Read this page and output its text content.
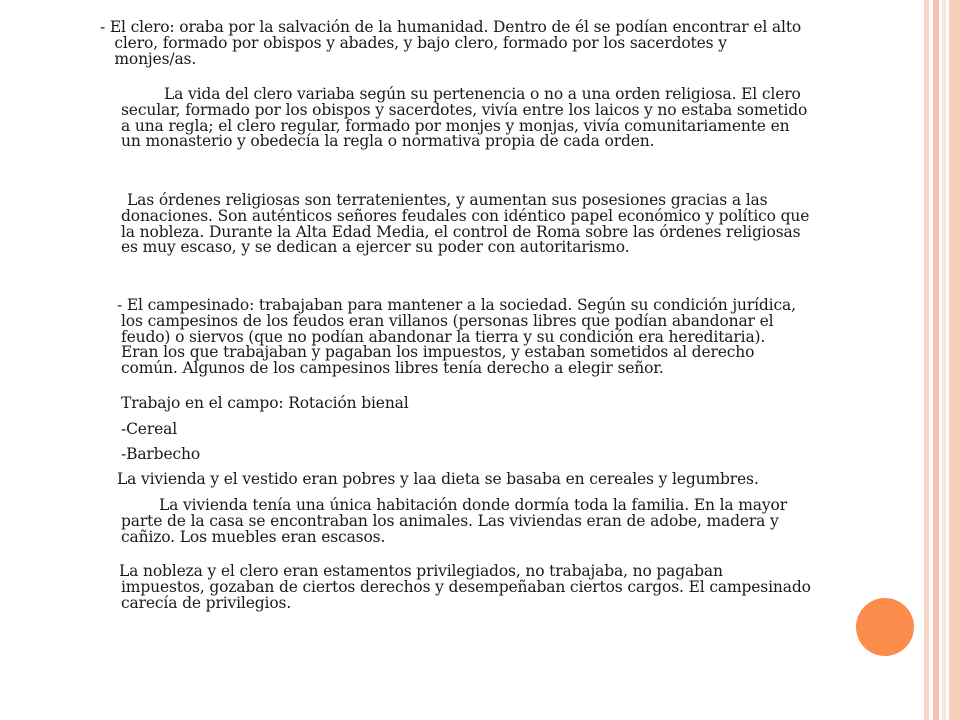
- El clero: oraba por la salvación de la humanidad. Dentro de él se podían encontrar el alto
clero, formado por obispos y abades, y bajo clero, formado por los sacerdotes y
monjes/as.

La vida del clero variaba según su pertenencia o no a una orden religiosa. El clero
secular, formado por los obispos y sacerdotes, vivía entre los laicos y no estaba sometido
a una regla; el clero regular, formado por monjes y monjas, vivía comunitariamente en
un monasterio y obedecía la regla o normativa propia de cada orden.

Las órdenes religiosas son terratenientes, y aumentan sus posesiones gracias a las
donaciones. Son auténticos señores feudales con idéntico papel económico y político que
la nobleza. Durante la Alta Edad Media, el control de Roma sobre las órdenes religiosas
es muy escaso, y se dedican a ejercer su poder con autoritarismo.

- El campesinado: trabajaban para mantener a la sociedad. Según su condición jurídica,
los campesinos de los feudos eran villanos (personas libres que podían abandonar el
feudo) o siervos (que no podían abandonar la tierra y su condición era hereditaria).
Eran los que trabajaban y pagaban los impuestos, y estaban sometidos al derecho
común. Algunos de los campesinos libres tenía derecho a elegir señor.

Trabajo en el campo: Rotación bienal

-Cereal

-Barbecho

La vivienda y el vestido eran pobres y laa dieta se basaba en cereales y legumbres.

La vivienda tenía una única habitación donde dormía toda la familia. En la mayor
parte de la casa se encontraban los animales. Las viviendas eran de adobe, madera y
cañizo. Los muebles eran escasos.

La nobleza y el clero eran estamentos privilegiados, no trabajaba, no pagaban
impuestos, gozaban de ciertos derechos y desempeñaban ciertos cargos. El campesinado
carecía de privilegios.
